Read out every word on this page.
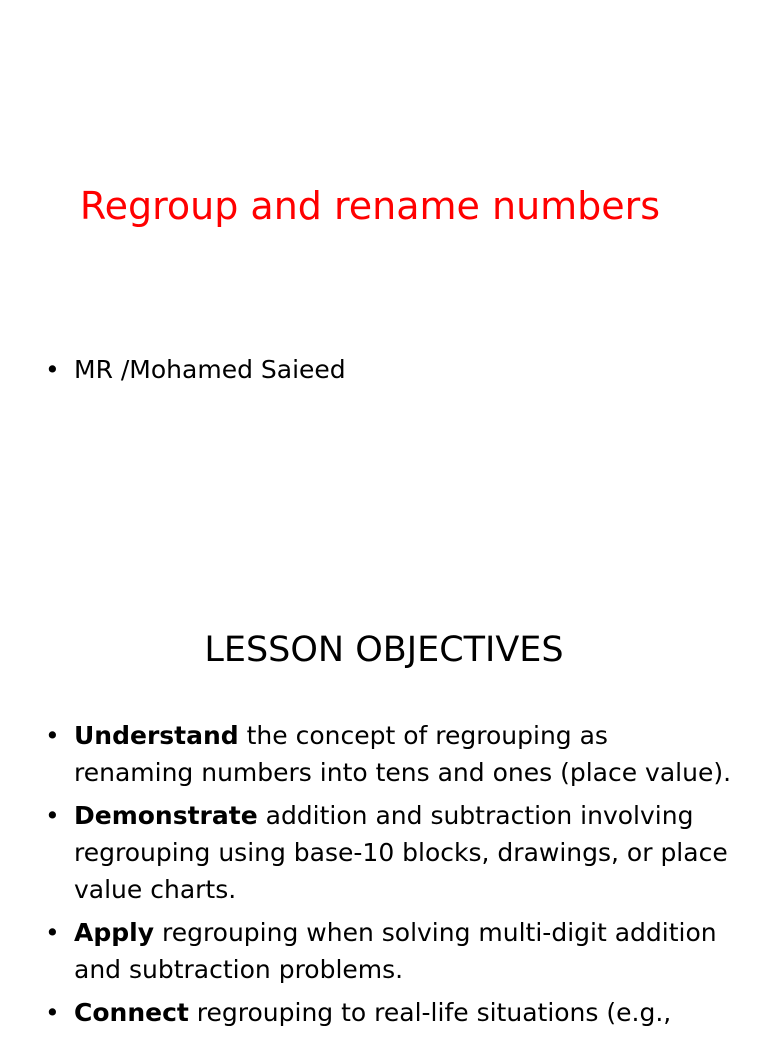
Regroup and rename numbers
• MR /Mohamed Saieed
LESSON OBJECTIVES
• Understand the concept of regrouping as renaming numbers into tens and ones (place value).
• Demonstrate addition and subtraction involving regrouping using base-10 blocks, drawings, or place value charts.
• Apply regrouping when solving multi-digit addition and subtraction problems.
• Connect regrouping to real-life situations (e.g.,
